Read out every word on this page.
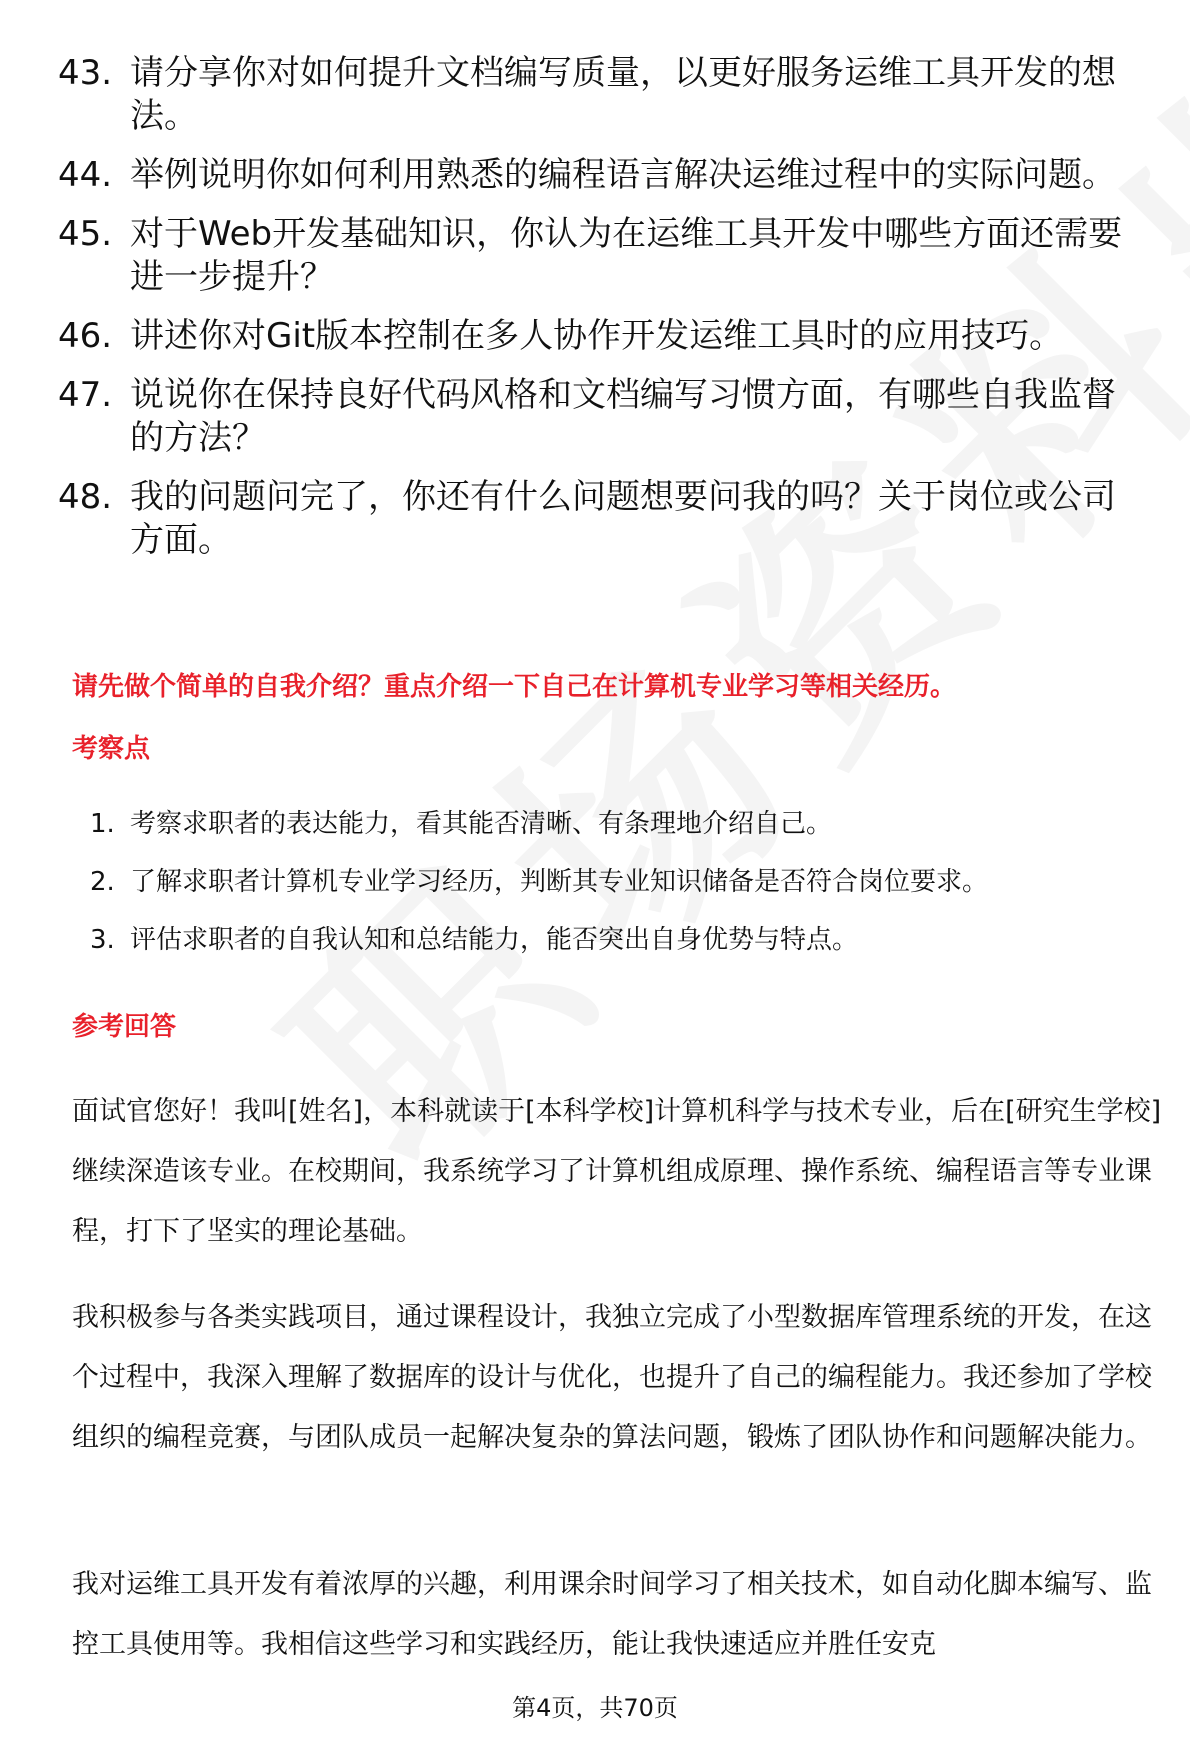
43. 请分享你对如何提升文档编写质量，以更好服务运维工具开发的想法。
44. 举例说明你如何利用熟悉的编程语言解决运维过程中的实际问题。
45. 对于Web开发基础知识，你认为在运维工具开发中哪些方面还需要进一步提升？
46. 讲述你对Git版本控制在多人协作开发运维工具时的应用技巧。
47. 说说你在保持良好代码风格和文档编写习惯方面，有哪些自我监督的方法？
48. 我的问题问完了，你还有什么问题想要问我的吗？关于岗位或公司方面。
请先做个简单的自我介绍？重点介绍一下自己在计算机专业学习等相关经历。
考察点
1. 考察求职者的表达能力，看其能否清晰、有条理地介绍自己。
2. 了解求职者计算机专业学习经历，判断其专业知识储备是否符合岗位要求。
3. 评估求职者的自我认知和总结能力，能否突出自身优势与特点。
参考回答

面试官您好！我叫[姓名]，本科就读于[本科学校]计算机科学与技术专业，后在[研究生学校]继续深造该专业。在校期间，我系统学习了计算机组成原理、操作系统、编程语言等专业课程，打下了坚实的理论基础。

我积极参与各类实践项目，通过课程设计，我独立完成了小型数据库管理系统的开发，在这个过程中，我深入理解了数据库的设计与优化，也提升了自己的编程能力。我还参加了学校组织的编程竞赛，与团队成员一起解决复杂的算法问题，锻炼了团队协作和问题解决能力。

我对运维工具开发有着浓厚的兴趣，利用课余时间学习了相关技术，如自动化脚本编写、监控工具使用等。我相信这些学习和实践经历，能让我快速适应并胜任安克

第4页，共70页
